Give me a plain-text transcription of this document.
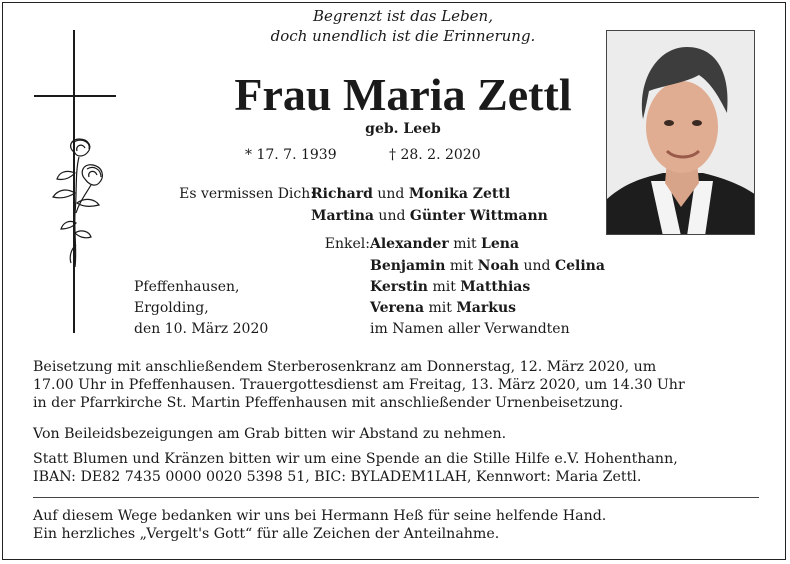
Begrenzt ist das Leben,
doch unendlich ist die Erinnerung.
Frau Maria Zettl
geb. Leeb
* 17. 7. 1939	† 28. 2. 2020
Es vermissen Dich:
Richard und Monika Zettl
Martina und Günter Wittmann
Enkel: Alexander mit Lena
Benjamin mit Noah und Celina
Kerstin mit Matthias
Verena mit Markus
im Namen aller Verwandten
Pfeffenhausen,
Ergolding,
den 10. März 2020
Beisetzung mit anschließendem Sterberosenkranz am Donnerstag, 12. März 2020, um
17.00 Uhr in Pfeffenhausen. Trauergottesdienst am Freitag, 13. März 2020, um 14.30 Uhr
in der Pfarrkirche St. Martin Pfeffenhausen mit anschließender Urnenbeisetzung.
Von Beileidsbezeigungen am Grab bitten wir Abstand zu nehmen.
Statt Blumen und Kränzen bitten wir um eine Spende an die Stille Hilfe e.V. Hohenthann,
IBAN: DE82 7435 0000 0020 5398 51, BIC: BYLADEM1LAH, Kennwort: Maria Zettl.
Auf diesem Wege bedanken wir uns bei Hermann Heß für seine helfende Hand.
Ein herzliches „Vergelt's Gott“ für alle Zeichen der Anteilnahme.
